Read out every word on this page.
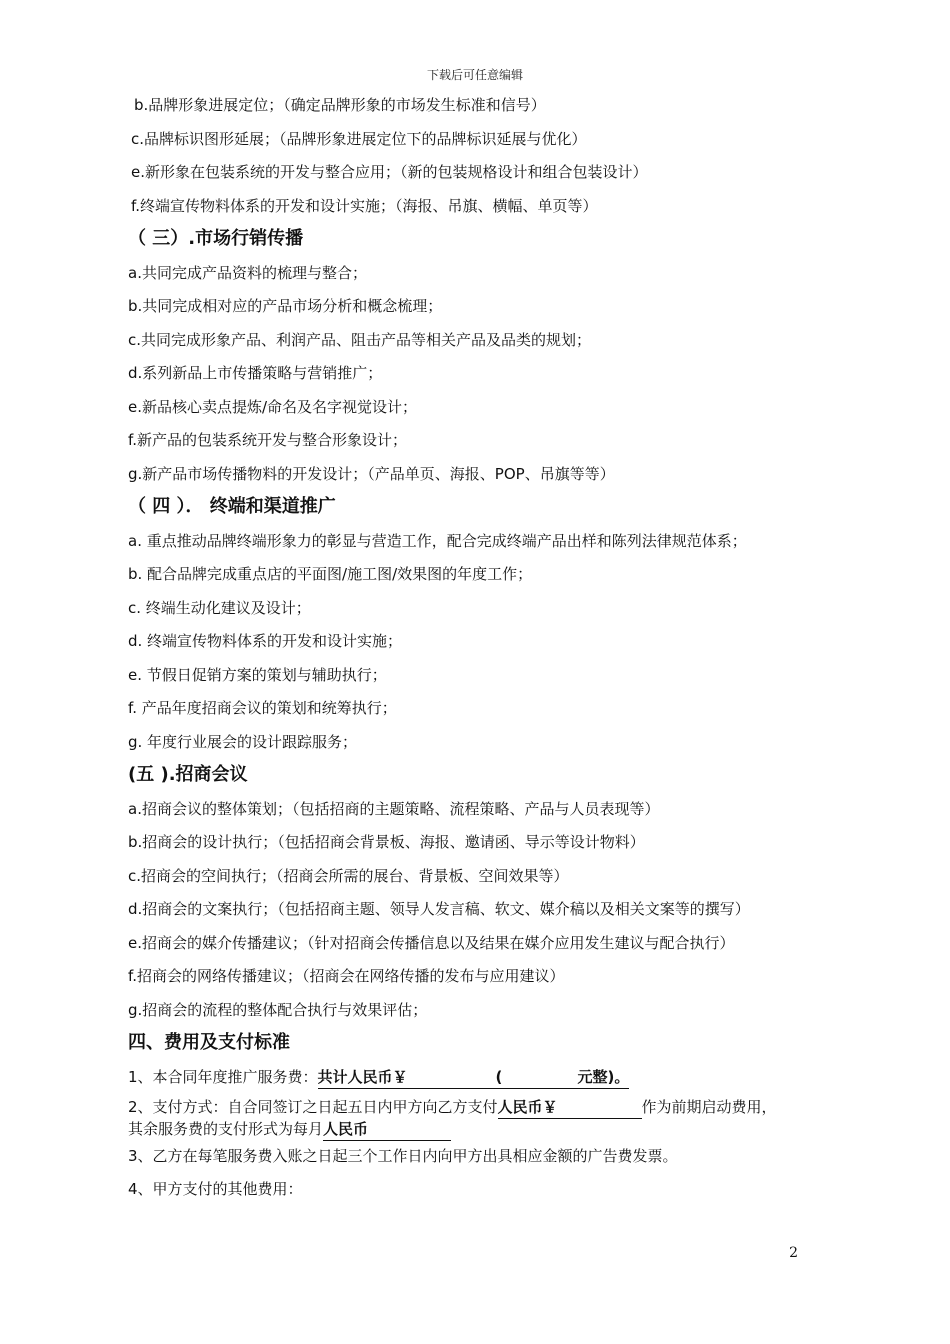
下载后可任意编辑
b.品牌形象进展定位；（确定品牌形象的市场发生标准和信号）
c.品牌标识图形延展；（品牌形象进展定位下的品牌标识延展与优化）
e.新形象在包装系统的开发与整合应用；（新的包装规格设计和组合包装设计）
f.终端宣传物料体系的开发和设计实施；（海报、吊旗、横幅、单页等）
（ 三）.市场行销传播
a.共同完成产品资料的梳理与整合；
b.共同完成相对应的产品市场分析和概念梳理；
c.共同完成形象产品、利润产品、阻击产品等相关产品及品类的规划；
d.系列新品上市传播策略与营销推广；
e.新品核心卖点提炼/命名及名字视觉设计；
f.新产品的包装系统开发与整合形象设计；
g.新产品市场传播物料的开发设计；（产品单页、海报、POP、吊旗等等）
（ 四 ）． 终端和渠道推广
a. 重点推动品牌终端形象力的彰显与营造工作，配合完成终端产品出样和陈列法律规范体系；
b. 配合品牌完成重点店的平面图/施工图/效果图的年度工作；
c. 终端生动化建议及设计；
d. 终端宣传物料体系的开发和设计实施；
e. 节假日促销方案的策划与辅助执行；
f. 产品年度招商会议的策划和统筹执行；
g. 年度行业展会的设计跟踪服务；
(五 ).招商会议
a.招商会议的整体策划；（包括招商的主题策略、流程策略、产品与人员表现等）
b.招商会的设计执行；（包括招商会背景板、海报、邀请函、导示等设计物料）
c.招商会的空间执行；（招商会所需的展台、背景板、空间效果等）
d.招商会的文案执行；（包括招商主题、领导人发言稿、软文、媒介稿以及相关文案等的撰写）
e.招商会的媒介传播建议；（针对招商会传播信息以及结果在媒介应用发生建议与配合执行）
f.招商会的网络传播建议；（招商会在网络传播的发布与应用建议）
g.招商会的流程的整体配合执行与效果评估；
四、费用及支付标准
1、本合同年度推广服务费：共计人民币￥	(	元整)。
2、支付方式：自合同签订之日起五日内甲方向乙方支付人民币￥	作为前期启动费用，
其余服务费的支付形式为每月人民币
3、乙方在每笔服务费入账之日起三个工作日内向甲方出具相应金额的广告费发票。
4、甲方支付的其他费用：
2
